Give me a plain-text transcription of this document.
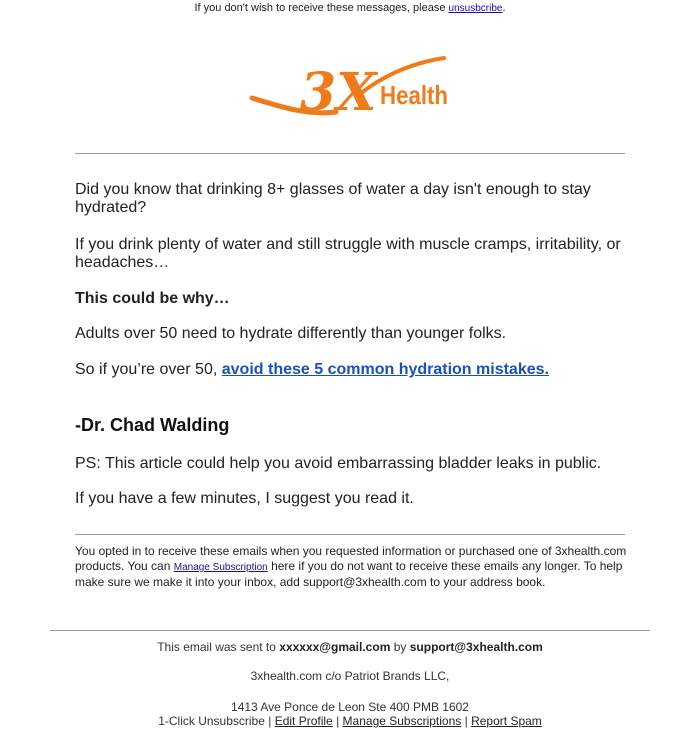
If you don't wish to receive these messages, please unsusbcribe.
3X Health
Did you know that drinking 8+ glasses of water a day isn't enough to stay hydrated?
If you drink plenty of water and still struggle with muscle cramps, irritability, or headaches…
This could be why…
Adults over 50 need to hydrate differently than younger folks.
So if you’re over 50, avoid these 5 common hydration mistakes.
-Dr. Chad Walding
PS: This article could help you avoid embarrassing bladder leaks in public.
If you have a few minutes, I suggest you read it.
You opted in to receive these emails when you requested information or purchased one of 3xhealth.com products. You can Manage Subscription here if you do not want to receive these emails any longer. To help make sure we make it into your inbox, add support@3xhealth.com to your address book.
This email was sent to xxxxxx@gmail.com by support@3xhealth.com
3xhealth.com c/o Patriot Brands LLC,
1413 Ave Ponce de Leon Ste 400 PMB 1602
1-Click Unsubscribe | Edit Profile | Manage Subscriptions | Report Spam
